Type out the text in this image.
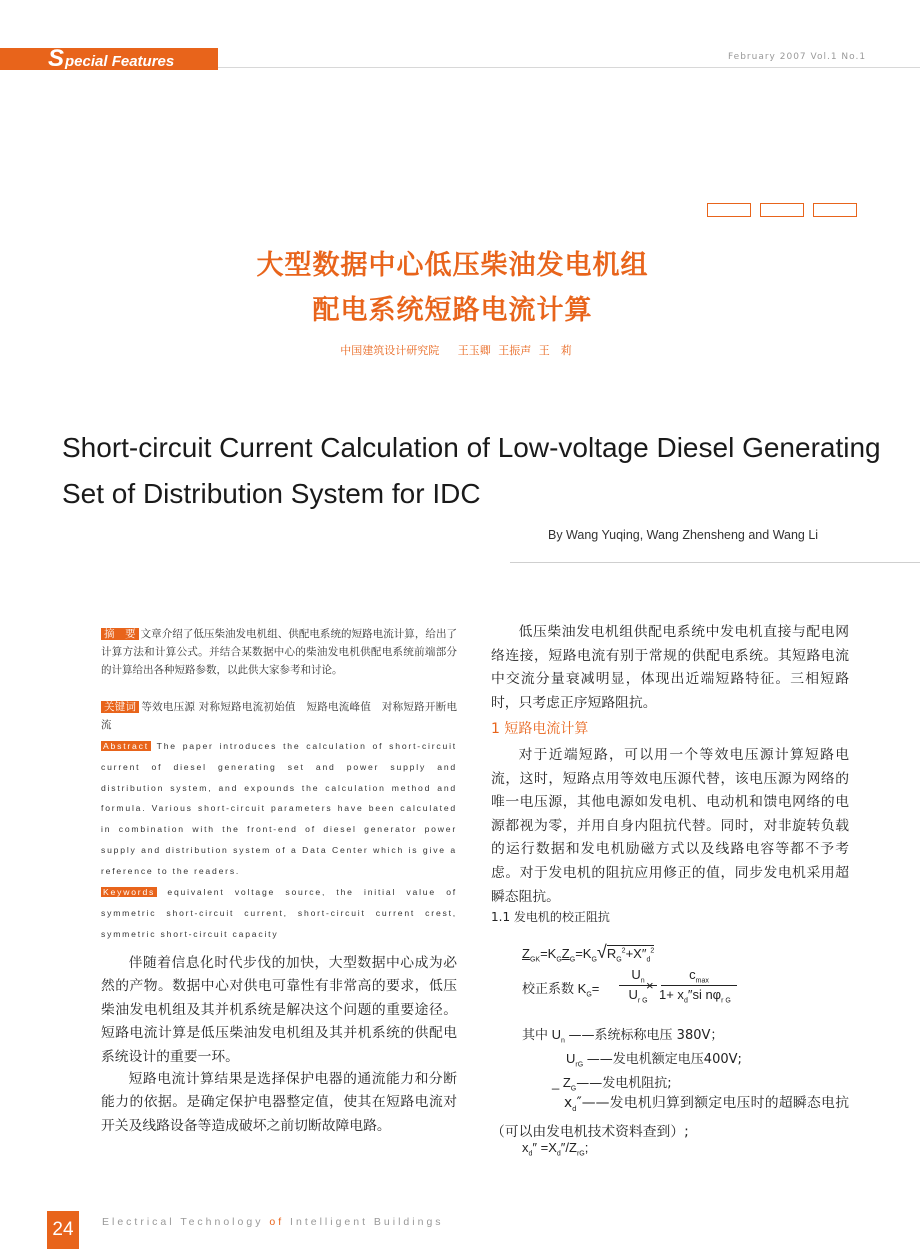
Special Features	February 2007 Vol.1 No.1
大型数据中心低压柴油发电机组
配电系统短路电流计算
中国建筑设计研究院　 王玉卿 王振声 王　莉
Short-circuit Current Calculation of Low-voltage Diesel Generating
Set of Distribution System for IDC
By Wang Yuqing, Wang Zhensheng and Wang Li
摘　要 文章介绍了低压柴油发电机组、供配电系统的短路电流计算，给出了计算方法和计算公式。并结合某数据中心的柴油发电机供配电系统前端部分的计算给出各种短路参数，以此供大家参考和讨论。
关键词 等效电压源 对称短路电流初始值　短路电流峰值　对称短路开断电流
Abstract The paper introduces the calculation of short-circuit current of diesel generating set and power supply and distribution system, and expounds the calculation method and formula. Various short-circuit parameters have been calculated in combination with the front-end of diesel generator power supply and distribution system of a Data Center which is give a reference to the readers.
Keywords equivalent voltage source, the initial value of symmetric short-circuit current, short-circuit current crest, symmetric short-circuit capacity
伴随着信息化时代步伐的加快，大型数据中心成为必然的产物。数据中心对供电可靠性有非常高的要求，低压柴油发电机组及其并机系统是解决这个问题的重要途径。短路电流计算是低压柴油发电机组及其并机系统的供配电系统设计的重要一环。
短路电流计算结果是选择保护电器的通流能力和分断能力的依据。是确定保护电器整定值，使其在短路电流对开关及线路设备等造成破坏之前切断故障电路。
低压柴油发电机组供配电系统中发电机直接与配电网络连接，短路电流有别于常规的供配电系统。其短路电流中交流分量衰减明显，体现出近端短路特征。三相短路时，只考虑正序短路阻抗。
1 短路电流计算
对于近端短路，可以用一个等效电压源计算短路电流，这时，短路点用等效电压源代替，该电压源为网络的唯一电压源，其他电源如发电机、电动机和馈电网络的电源都视为零，并用自身内阻抗代替。同时，对非旋转负载的运行数据和发电机励磁方式以及线路电容等都不予考虑。对于发电机的阻抗应用修正的值，同步发电机采用超瞬态阻抗。
1.1 发电机的校正阻抗
$Z_{GK}=K_GZ_G=K_G√R_G^2+X''_d^2$
校正系数 $K_G=$
$U_n$
$U_{r G}$
×
$c_{max}$
$1+ x_d''si$ $n\varphi_{r G}$
其中 $U_n$ ——系统标称电压 380V；
$U_{rG}$ ——发电机额定电压400V;
_ $Z_G——$发电机阻抗;
$x_d''——$发电机归算到额定电压时的超瞬态电抗（可以由发电机技术资料查到）;
$x_d'' =X_d''/Z_{rG}$;
24	Electrical Technology of Intelligent Buildings
